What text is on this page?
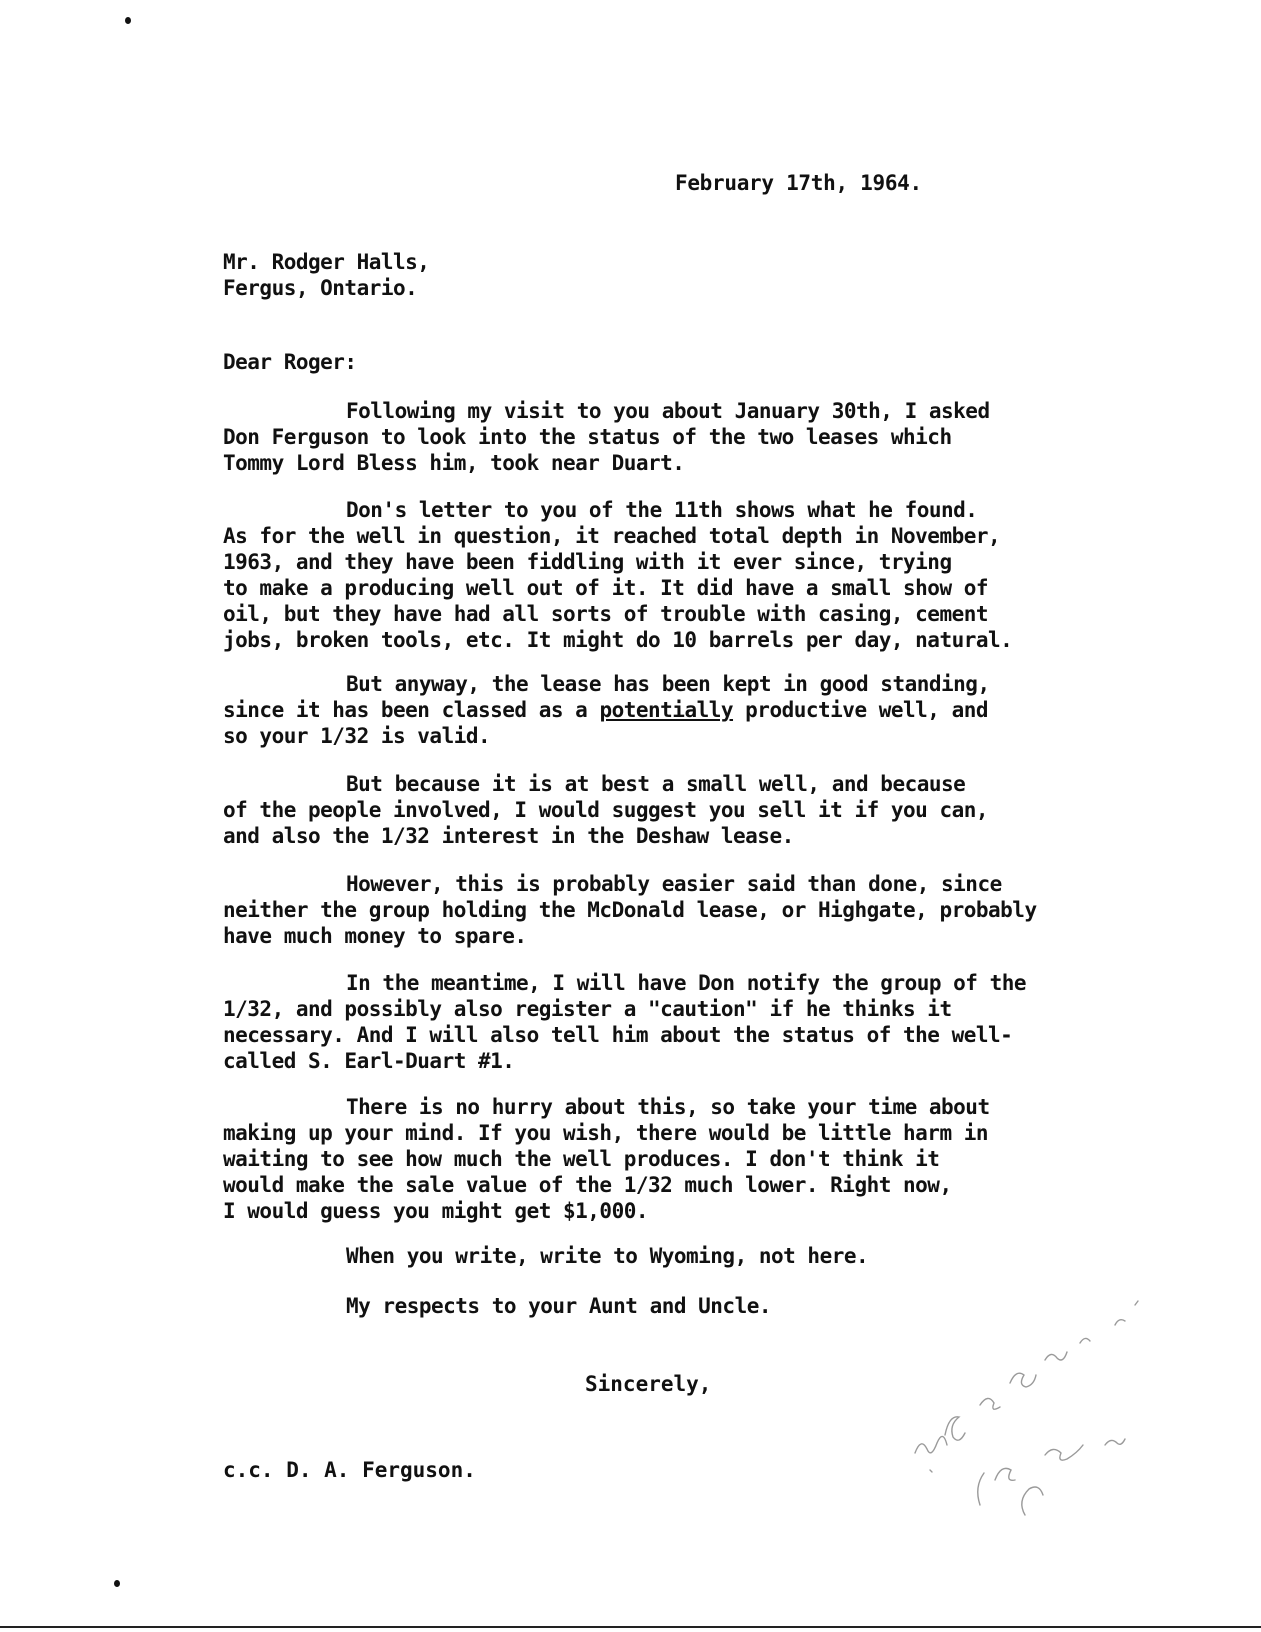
February 17th, 1964.
Mr. Rodger Halls,
Fergus, Ontario.
Dear Roger:
Following my visit to you about January 30th, I asked
Don Ferguson to look into the status of the two leases which
Tommy Lord Bless him, took near Duart.
Don's letter to you of the 11th shows what he found.
As for the well in question, it reached total depth in November,
1963, and they have been fiddling with it ever since, trying
to make a producing well out of it. It did have a small show of
oil, but they have had all sorts of trouble with casing, cement
jobs, broken tools, etc. It might do 10 barrels per day, natural.
But anyway, the lease has been kept in good standing,
since it has been classed as a potentially productive well, and
so your 1/32 is valid.
But because it is at best a small well, and because
of the people involved, I would suggest you sell it if you can,
and also the 1/32 interest in the Deshaw lease.
However, this is probably easier said than done, since
neither the group holding the McDonald lease, or Highgate, probably
have much money to spare.
In the meantime, I will have Don notify the group of the
1/32, and possibly also register a "caution" if he thinks it
necessary. And I will also tell him about the status of the well-
called S. Earl-Duart #1.
There is no hurry about this, so take your time about
making up your mind. If you wish, there would be little harm in
waiting to see how much the well produces. I don't think it
would make the sale value of the 1/32 much lower. Right now,
I would guess you might get $1,000.
When you write, write to Wyoming, not here.
My respects to your Aunt and Uncle.
Sincerely,
c.c. D. A. Ferguson.
